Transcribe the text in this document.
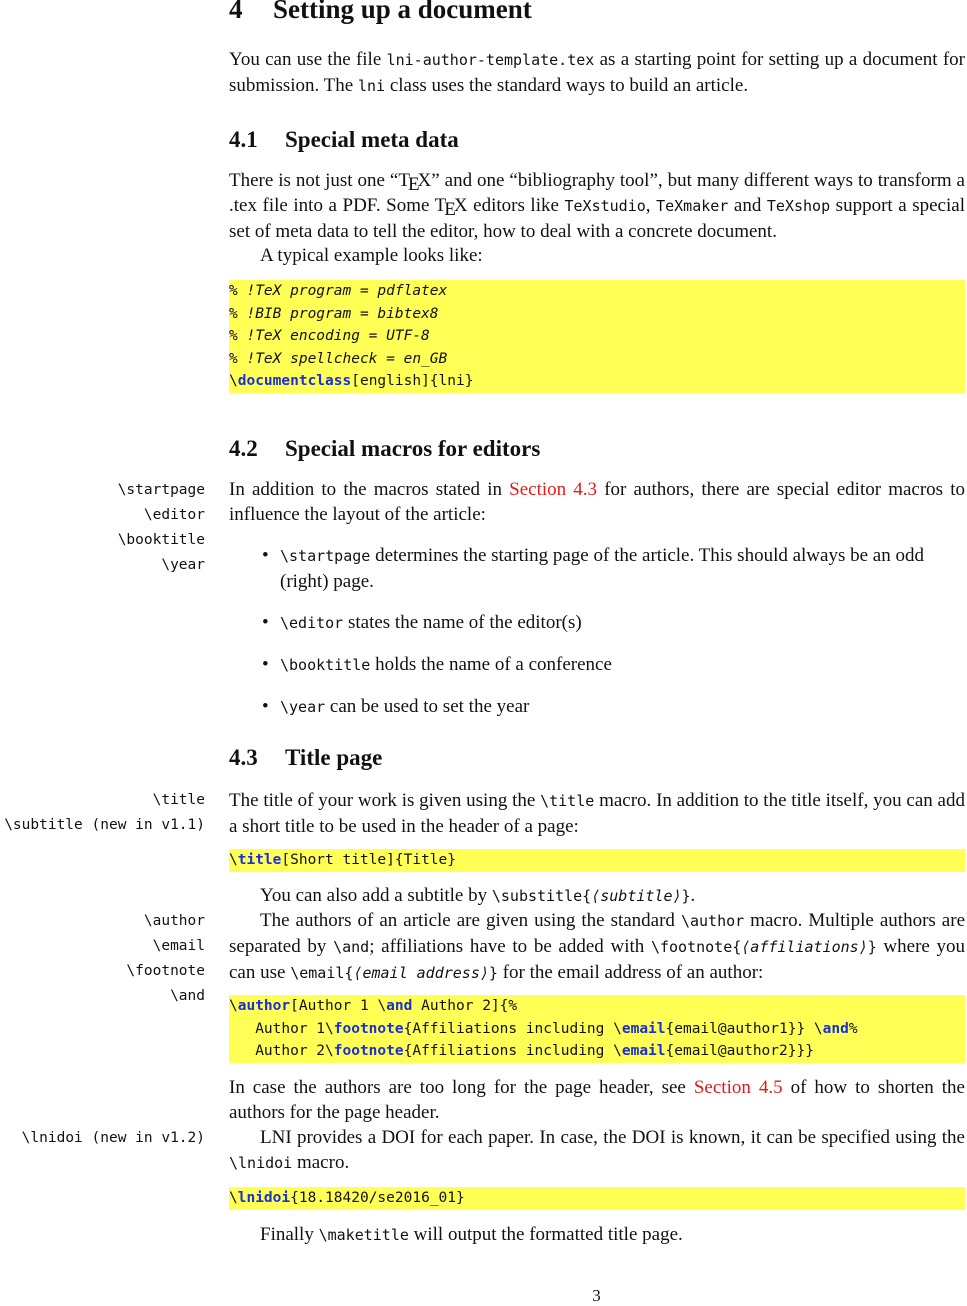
4 Setting up a document

You can use the file lni-author-template.tex as a starting point for setting up a document for submission. The lni class uses the standard ways to build an article.

4.1 Special meta data

There is not just one “TEX” and one “bibliography tool”, but many different ways to transform a .tex file into a PDF. Some TEX editors like TeXstudio, TeXmaker and TeXshop support a special set of meta data to tell the editor, how to deal with a concrete document.

A typical example looks like:

% !TeX program = pdflatex
% !BIB program = bibtex8
% !TeX encoding = UTF-8
% !TeX spellcheck = en_GB
\documentclass[english]{lni}
4.2 Special macros for editors
\startpage
\editor
\booktitle
\year

In addition to the macros stated in Section 4.3 for authors, there are special editor macros to influence the layout of the article:

• \startpage determines the starting page of the article. This should always be an odd (right) page.
• \editor states the name of the editor(s)
• \booktitle holds the name of a conference
• \year can be used to set the year
4.3 Title page
\title
\subtitle (new in v1.1)

The title of your work is given using the \title macro. In addition to the title itself, you can add a short title to be used in the header of a page:

\title[Short title]{Title}

You can also add a subtitle by \substitle{⟨subtitle⟩}.

\author
\email
\footnote
\and

The authors of an article are given using the standard \author macro. Multiple authors are separated by \and; affiliations have to be added with \footnote{⟨affiliations⟩} where you can use \email{⟨email address⟩} for the email address of an author:

\author[Author 1 \and Author 2]{%
Author 1\footnote{Affiliations including \email{email@author1}} \and%
Author 2\footnote{Affiliations including \email{email@author2}}}

In case the authors are too long for the page header, see Section 4.5 of how to shorten the authors for the page header.

\lnidoi (new in v1.2)	LNI provides a DOI for each paper. In case, the DOI is known, it can be specified using the \lnidoi macro.

\lnidoi{18.18420/se2016_01}

Finally \maketitle will output the formatted title page.

3
